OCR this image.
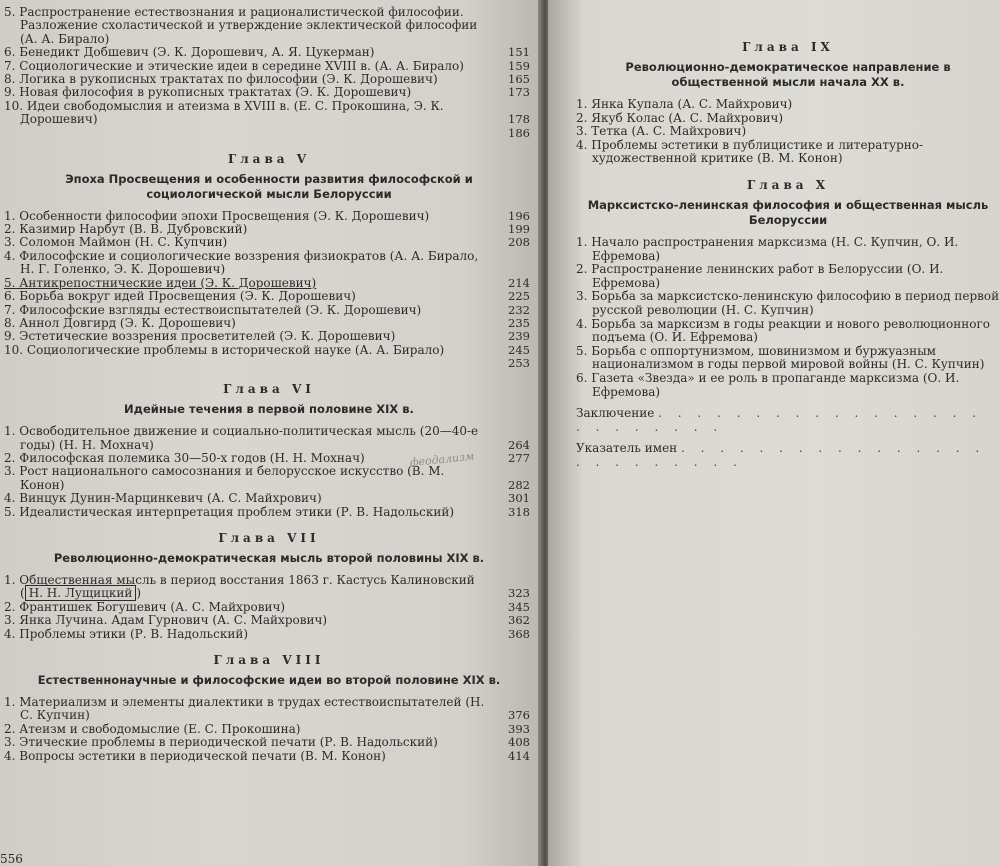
5. Распространение естествознания и рационалистической философии. Разложение схоластической и утверждение эклектической философии (А. А. Бирало)
6. Бенедикт Добшевич (Э. К. Дорошевич, А. Я. Цукерман)	151
7. Социологические и этические идеи в середине XVIII в. (А. А. Бирало)	159
8. Логика в рукописных трактатах по философии (Э. К. Дорошевич)	165
9. Новая философия в рукописных трактатах (Э. К. Дорошевич)	173
10. Идеи свободомыслия и атеизма в XVIII в. (Е. С. Прокошина, Э. К. Дорошевич)	178
186
Глава V
Эпоха Просвещения и особенности развития философской и социологической мысли Белоруссии
1. Особенности философии эпохи Просвещения (Э. К. Дорошевич)	196
2. Казимир Нарбут (В. В. Дубровский)	199
3. Соломон Маймон (Н. С. Купчин)	208
4. Философские и социологические воззрения физиократов (А. А. Бирало, Н. Г. Голенко, Э. К. Дорошевич)
5. Антикрепостнические идеи (Э. К. Дорошевич)	214
6. Борьба вокруг идей Просвещения (Э. К. Дорошевич)	225
7. Философские взгляды естествоиспытателей (Э. К. Дорошевич)	232
8. Аннол Довгирд (Э. К. Дорошевич)	235
9. Эстетические воззрения просветителей (Э. К. Дорошевич)	239
10. Социологические проблемы в исторической науке (А. А. Бирало)	245
253
Глава VI
Идейные течения в первой половине XIX в.
1. Освободительное движение и социально-политическая мысль (20—40-е годы) (Н. Н. Мохнач)	264
2. Философская полемика 30—50-х годов (Н. Н. Мохнач)	277
3. Рост национального самосознания и белорусское искусство (В. М. Конон)	282
4. Винцук Дунин-Марцинкевич (А. С. Майхрович)	301
5. Идеалистическая интерпретация проблем этики (Р. В. Надольский)	318
Глава VII
Революционно-демократическая мысль второй половины XIX в.
1. Общественная мысль в период восстания 1863 г. Кастусь Калиновский ( Н. Н. Лущицкий )	323
2. Франтишек Богушевич (А. С. Майхрович)	345
3. Янка Лучина. Адам Гурнович (А. С. Майхрович)	362
4. Проблемы этики (Р. В. Надольский)	368
Глава VIII
Естественнонаучные и философские идеи во второй половине XIX в.
1. Материализм и элементы диалектики в трудах естествоиспытателей (Н. С. Купчин)	376
2. Атеизм и свободомыслие (Е. С. Прокошина)	393
3. Этические проблемы в периодической печати (Р. В. Надольский)	408
4. Вопросы эстетики в периодической печати (В. М. Конон)	414
феодализм
556
Глава IX
Революционно-демократическое направление в общественной мысли начала XX в.
1. Янка Купала (А. С. Майхрович)
2. Якуб Колас (А. С. Майхрович)
3. Тетка (А. С. Майхрович)
4. Проблемы эстетики в публицистике и литературно-художественной критике (В. М. Конон)
Глава X
Марксистско-ленинская философия и общественная мысль Белоруссии
1. Начало распространения марксизма (Н. С. Купчин, О. И. Ефремова)
2. Распространение ленинских работ в Белоруссии (О. И. Ефремова)
3. Борьба за марксистско-ленинскую философию в период первой русской революции (Н. С. Купчин)
4. Борьба за марксизм в годы реакции и нового революционного подъема (О. И. Ефремова)
5. Борьба с оппортунизмом, шовинизмом и буржуазным национализмом в годы первой мировой войны (Н. С. Купчин)
6. Газета «Звезда» и ее роль в пропаганде марксизма (О. И. Ефремова)
Заключение . . . . . . . . . . . . . . . . . . . . . . . . .
Указатель имен . . . . . . . . . . . . . . . . . . . . . . . . .
